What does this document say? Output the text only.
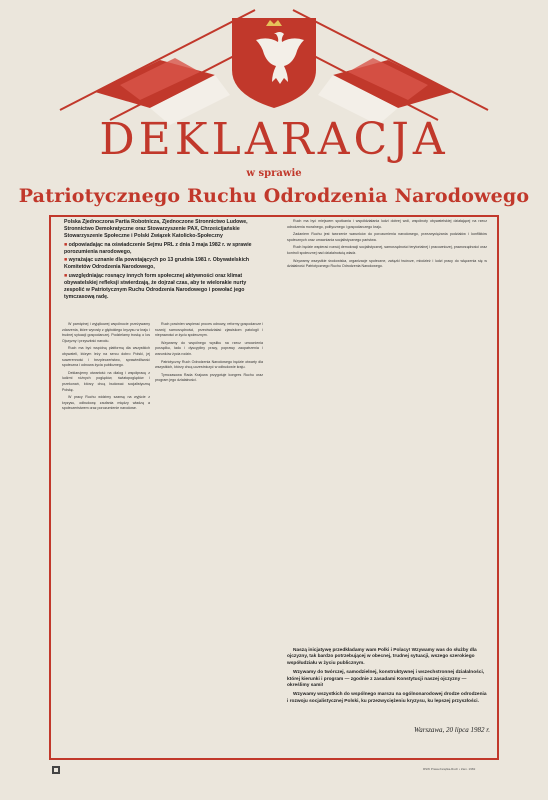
DEKLARACJA
w sprawie
Patriotycznego Ruchu Odrodzenia Narodowego

Polska Zjednoczona Partia Robotnicza, Zjednoczone Stronnictwo Ludowe, Stronnictwo Demokratyczne oraz Stowarzyszenie PAX, Chrześcijańskie Stowarzyszenie Społeczne i Polski Związek Katolicko-Społeczny

■ odpowiadając na oświadczenie Sejmu PRL z dnia 3 maja 1982 r. w sprawie porozumienia narodowego,

■ wyrażając uznanie dla powstających po 13 grudnia 1981 r. Obywatelskich Komitetów Odrodzenia Narodowego,

■ uwzględniając rosnący innych form społecznej aktywności oraz klimat obywatelskiej refleksji stwierdzają, że dojrzał czas, aby te wielorakie nurty zespolić w Patriotycznym Ruchu Odrodzenia Narodowego i powołać jego tymczasową radę.

W pamiętnej i wyjątkowej wspólnocie przeżywamy zdarzenia, które wyrosły z głębokiego kryzysu w kraju i trudnej sytuacji gospodarczej. Podzielamy troskę o los Ojczyzny i przyszłość narodu.

Ruch ma być wspólną platformą dla wszystkich obywateli, którym leży na sercu dobro Polski, jej suwerenność i bezpieczeństwo, sprawiedliwość społeczna i odnowa życia publicznego.

Deklarujemy otwartość na dialog i współpracę z ludźmi różnych poglądów, światopoglądów i przekonań, którzy chcą budować socjalistyczną Polskę.

W pracy Ruchu widzimy szansę na wyjście z kryzysu, odbudowę zaufania między władzą a społeczeństwem oraz porozumienie narodowe.

Ruch powinien wspierać proces odnowy, reformy gospodarcze i rozwój samorządności, przeciwdziałać zjawiskom patologii i nieprawości w życiu społecznym.

Wzywamy do wspólnego wysiłku na rzecz umocnienia porządku, ładu i dyscypliny pracy, poprawy zaopatrzenia i warunków życia rodzin.

Patriotyczny Ruch Odrodzenia Narodowego będzie otwarty dla wszystkich, którzy chcą uczestniczyć w odbudowie kraju.

Tymczasowa Rada Krajowa przygotuje kongres Ruchu oraz program jego działalności.

Ruch ma być miejscem spotkania i współdziałania ludzi dobrej woli, wspólnoty obywatelskiej działającej na rzecz odrodzenia moralnego, politycznego i gospodarczego kraju.

Zadaniem Ruchu jest tworzenie warunków do porozumienia narodowego, przezwyciężania podziałów i konfliktów społecznych oraz umacniania socjalistycznego państwa.

Ruch będzie wspierać rozwój demokracji socjalistycznej, samorządności terytorialnej i pracowniczej, praworządności oraz kontroli społecznej nad działalnością władz.

Wzywamy wszystkie środowiska, organizacje społeczne, związki twórcze, młodzież i ludzi pracy do włączenia się w działalność Patriotycznego Ruchu Odrodzenia Narodowego.

Naszą inicjatywę przedkładamy wam Polki i Polacy! Wzywamy was do służby dla ojczyzny, tak bardzo potrzebującej w obecnej, trudnej sytuacji, wszego szerokiego współudziału w życiu publicznym.

Wzywamy do twórczej, samodzielnej, konstruktywnej i wszechstronnej działalności, której kierunki i program — zgodnie z zasadami Konstytucji naszej ojczyzny — określimy sami!

Wzywamy wszystkich do wspólnego marszu na ogólnonarodowej drodze odrodzenia i rozwoju socjalistycznej Polski, ku przezwyciężeniu kryzysu, ku lepszej przyszłości.

Warszawa, 20 lipca 1982 r.
RSW Prasa-Książka-Ruch • Zam. 1982
